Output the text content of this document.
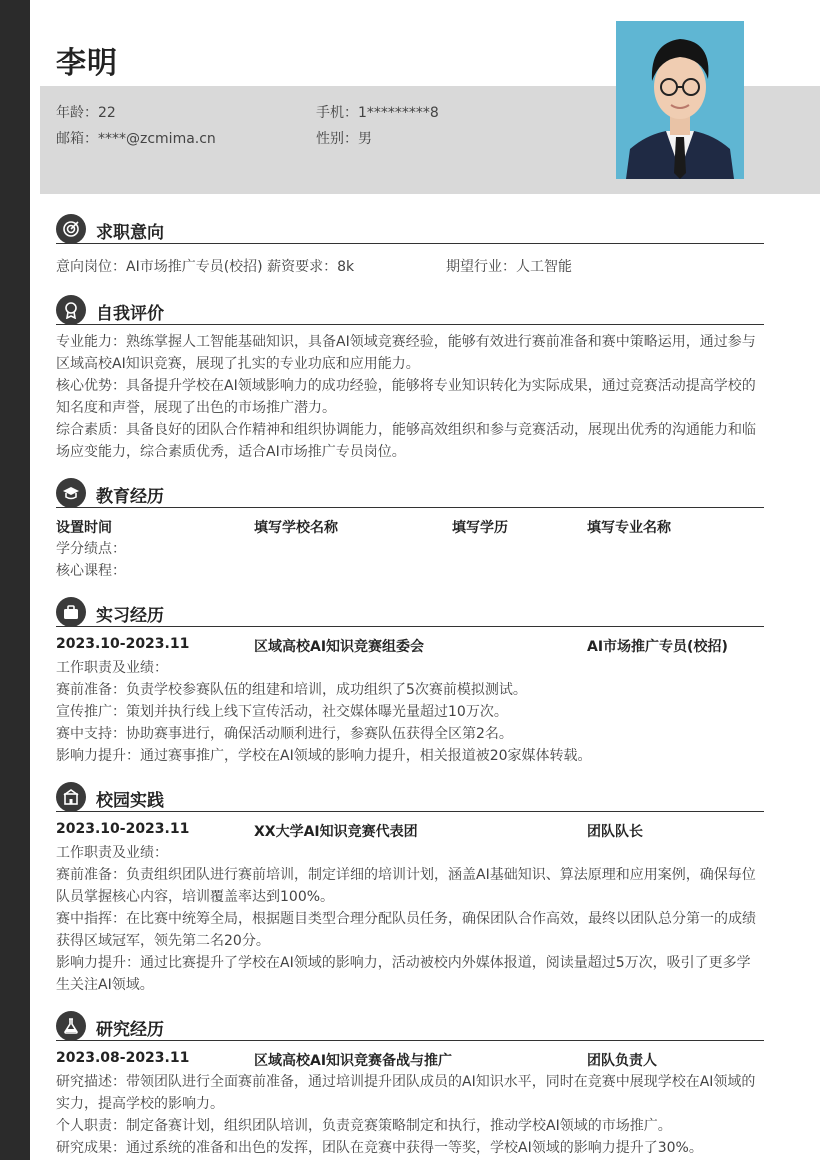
李明
年龄：22	手机：1*********8
邮箱：****@zcmima.cn	性别：男
求职意向
意向岗位：AI市场推广专员(校招) 薪资要求：8k	期望行业：人工智能
自我评价
专业能力：熟练掌握人工智能基础知识，具备AI领域竞赛经验，能够有效进行赛前准备和赛中策略运用，通过参与
区域高校AI知识竞赛，展现了扎实的专业功底和应用能力。
核心优势：具备提升学校在AI领域影响力的成功经验，能够将专业知识转化为实际成果，通过竞赛活动提高学校的
知名度和声誉，展现了出色的市场推广潜力。
综合素质：具备良好的团队合作精神和组织协调能力，能够高效组织和参与竞赛活动，展现出优秀的沟通能力和临
场应变能力，综合素质优秀，适合AI市场推广专员岗位。
教育经历
设置时间	填写学校名称	填写学历	填写专业名称
学分绩点：
核心课程：
实习经历
2023.10-2023.11	区域高校AI知识竞赛组委会	AI市场推广专员(校招)
工作职责及业绩：
赛前准备：负责学校参赛队伍的组建和培训，成功组织了5次赛前模拟测试。
宣传推广：策划并执行线上线下宣传活动，社交媒体曝光量超过10万次。
赛中支持：协助赛事进行，确保活动顺利进行，参赛队伍获得全区第2名。
影响力提升：通过赛事推广，学校在AI领域的影响力提升，相关报道被20家媒体转载。
校园实践
2023.10-2023.11	XX大学AI知识竞赛代表团	团队队长
工作职责及业绩：
赛前准备：负责组织团队进行赛前培训，制定详细的培训计划，涵盖AI基础知识、算法原理和应用案例，确保每位
队员掌握核心内容，培训覆盖率达到100%。
赛中指挥：在比赛中统筹全局，根据题目类型合理分配队员任务，确保团队合作高效，最终以团队总分第一的成绩
获得区域冠军，领先第二名20分。
影响力提升：通过比赛提升了学校在AI领域的影响力，活动被校内外媒体报道，阅读量超过5万次，吸引了更多学
生关注AI领域。
研究经历
2023.08-2023.11	区域高校AI知识竞赛备战与推广	团队负责人
研究描述：带领团队进行全面赛前准备，通过培训提升团队成员的AI知识水平，同时在竞赛中展现学校在AI领域的
实力，提高学校的影响力。
个人职责：制定备赛计划，组织团队培训，负责竞赛策略制定和执行，推动学校AI领域的市场推广。
研究成果：通过系统的准备和出色的发挥，团队在竞赛中获得一等奖，学校AI领域的影响力提升了30%。
